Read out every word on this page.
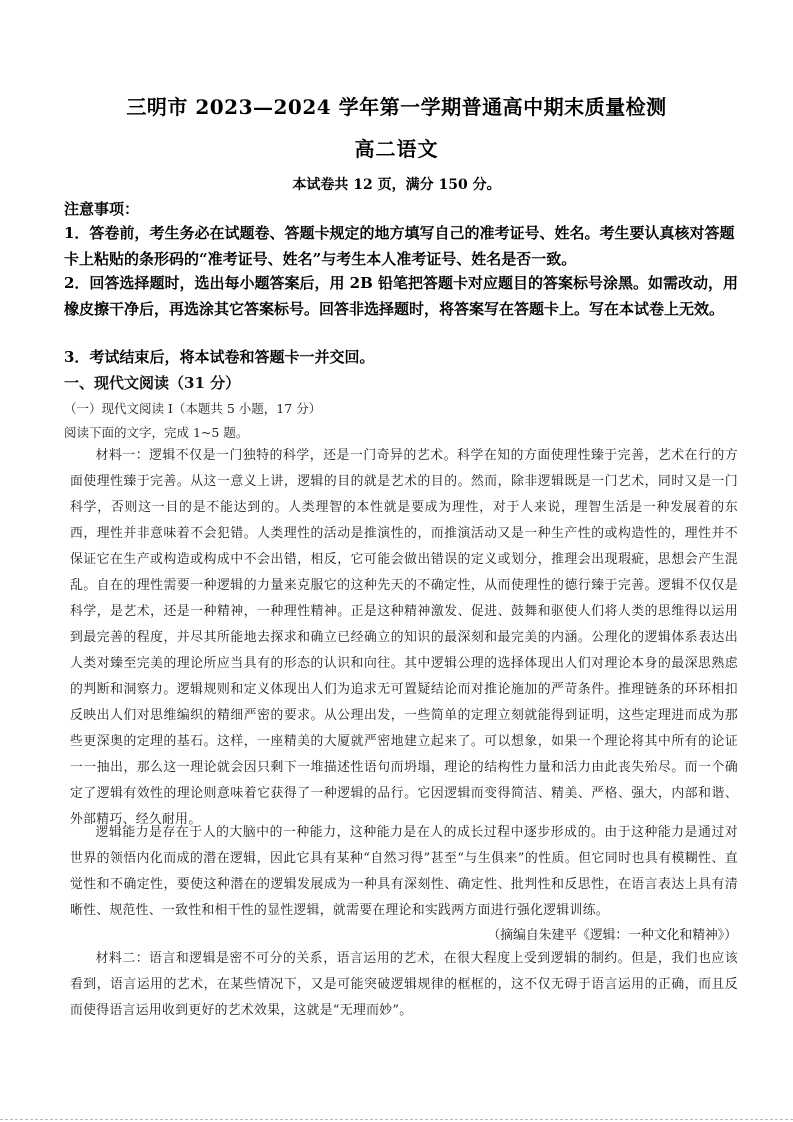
三明市 2023—2024 学年第一学期普通高中期末质量检测
高二语文
本试卷共 12 页，满分 150 分。
注意事项：
1．答卷前，考生务必在试题卷、答题卡规定的地方填写自己的准考证号、姓名。考生要认真核对答题卡上粘贴的条形码的“准考证号、姓名”与考生本人准考证号、姓名是否一致。
2．回答选择题时，选出每小题答案后，用 2B 铅笔把答题卡对应题目的答案标号涂黑。如需改动，用橡皮擦干净后，再选涂其它答案标号。回答非选择题时，将答案写在答题卡上。写在本试卷上无效。
3．考试结束后，将本试卷和答题卡一并交回。
一、现代文阅读（31 分）
（一）现代文阅读 I（本题共 5 小题，17 分）
阅读下面的文字，完成 1~5 题。

材料一：逻辑不仅是一门独特的科学，还是一门奇异的艺术。科学在知的方面使理性臻于完善，艺术在行的方面使理性臻于完善。从这一意义上讲，逻辑的目的就是艺术的目的。然而，除非逻辑既是一门艺术，同时又是一门科学，否则这一目的是不能达到的。人类理智的本性就是要成为理性，对于人来说，理智生活是一种发展着的东西，理性并非意味着不会犯错。人类理性的活动是推演性的，而推演活动又是一种生产性的或构造性的，理性并不保证它在生产或构造或构成中不会出错，相反，它可能会做出错误的定义或划分，推理会出现瑕疵，思想会产生混乱。自在的理性需要一种逻辑的力量来克服它的这种先天的不确定性，从而使理性的德行臻于完善。逻辑不仅仅是科学，是艺术，还是一种精神，一种理性精神。正是这种精神激发、促进、鼓舞和驱使人们将人类的思维得以运用到最完善的程度，并尽其所能地去探求和确立已经确立的知识的最深刻和最完美的内涵。公理化的逻辑体系表达出人类对臻至完美的理论所应当具有的形态的认识和向往。其中逻辑公理的选择体现出人们对理论本身的最深思熟虑的判断和洞察力。逻辑规则和定义体现出人们为追求无可置疑结论而对推论施加的严苛条件。推理链条的环环相扣反映出人们对思维编织的精细严密的要求。从公理出发，一些简单的定理立刻就能得到证明，这些定理进而成为那些更深奥的定理的基石。这样，一座精美的大厦就严密地建立起来了。可以想象，如果一个理论将其中所有的论证一一抽出，那么这一理论就会因只剩下一堆描述性语句而坍塌，理论的结构性力量和活力由此丧失殆尽。而一个确定了逻辑有效性的理论则意味着它获得了一种逻辑的品行。它因逻辑而变得简洁、精美、严格、强大，内部和谐、外部精巧、经久耐用。

逻辑能力是存在于人的大脑中的一种能力，这种能力是在人的成长过程中逐步形成的。由于这种能力是通过对世界的领悟内化而成的潜在逻辑，因此它具有某种“自然习得”甚至“与生俱来”的性质。但它同时也具有模糊性、直觉性和不确定性，要使这种潜在的逻辑发展成为一种具有深刻性、确定性、批判性和反思性，在语言表达上具有清晰性、规范性、一致性和相干性的显性逻辑，就需要在理论和实践两方面进行强化逻辑训练。

（摘编自朱建平《逻辑：一种文化和精神》）

材料二：语言和逻辑是密不可分的关系，语言运用的艺术，在很大程度上受到逻辑的制约。但是，我们也应该看到，语言运用的艺术，在某些情况下，又是可能突破逻辑规律的框框的，这不仅无碍于语言运用的正确，而且反而使得语言运用收到更好的艺术效果，这就是“无理而妙”。
